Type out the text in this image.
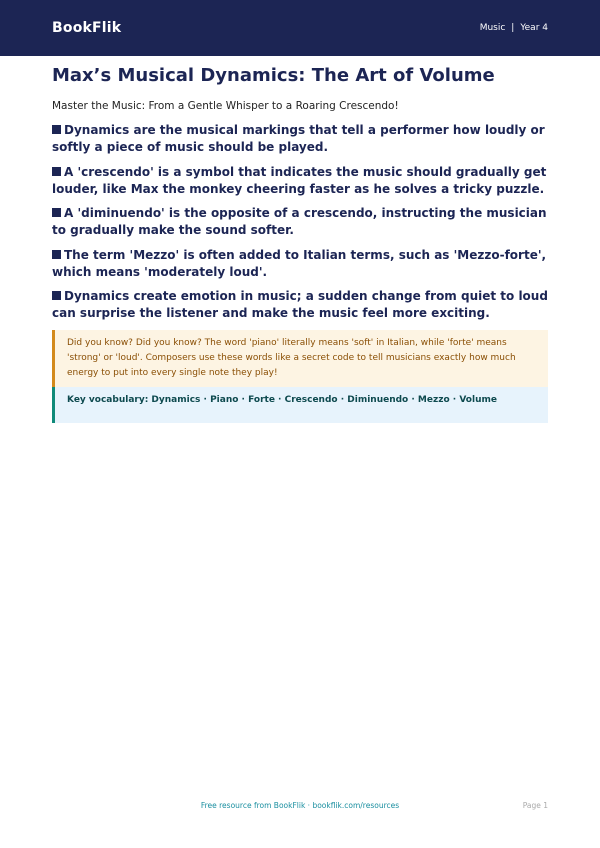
BookFlik	Music | Year 4
Max’s Musical Dynamics: The Art of Volume
Master the Music: From a Gentle Whisper to a Roaring Crescendo!
Dynamics are the musical markings that tell a performer how loudly or softly a piece of music should be played.
A 'crescendo' is a symbol that indicates the music should gradually get louder, like Max the monkey cheering faster as he solves a tricky puzzle.
A 'diminuendo' is the opposite of a crescendo, instructing the musician to gradually make the sound softer.
The term 'Mezzo' is often added to Italian terms, such as 'Mezzo-forte', which means 'moderately loud'.
Dynamics create emotion in music; a sudden change from quiet to loud can surprise the listener and make the music feel more exciting.
Did you know? Did you know? The word 'piano' literally means 'soft' in Italian, while 'forte' means 'strong' or 'loud'. Composers use these words like a secret code to tell musicians exactly how much energy to put into every single note they play!
Key vocabulary: Dynamics · Piano · Forte · Crescendo · Diminuendo · Mezzo · Volume
Free resource from BookFlik · bookflik.com/resources	Page 1
